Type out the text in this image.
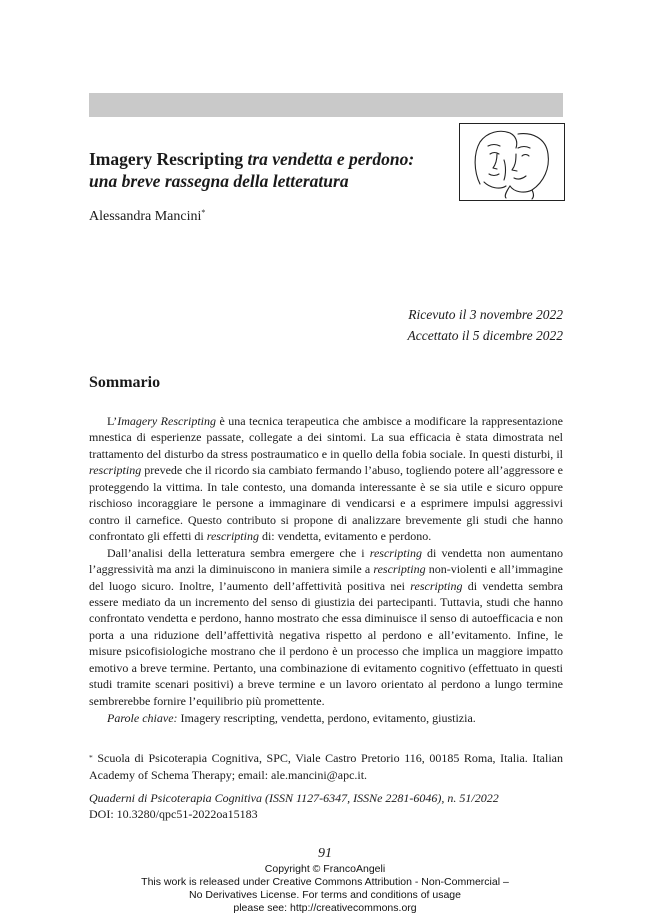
Imagery Rescripting tra vendetta e perdono:
una breve rassegna della letteratura
Alessandra Mancini*
Ricevuto il 3 novembre 2022
Accettato il 5 dicembre 2022
Sommario

L’Imagery Rescripting è una tecnica terapeutica che ambisce a modificare la rappresentazione mnestica di esperienze passate, collegate a dei sintomi. La sua efficacia è stata dimostrata nel trattamento del disturbo da stress postraumatico e in quello della fobia sociale. In questi disturbi, il rescripting prevede che il ricordo sia cambiato fermando l’abuso, togliendo potere all’aggressore e proteggendo la vittima. In tale contesto, una domanda interessante è se sia utile e sicuro oppure rischioso incoraggiare le persone a immaginare di vendicarsi e a esprimere impulsi aggressivi contro il carnefice. Questo contributo si propone di analizzare brevemente gli studi che hanno confrontato gli effetti di rescripting di: vendetta, evitamento e perdono.

Dall’analisi della letteratura sembra emergere che i rescripting di vendetta non aumentano l’aggressività ma anzi la diminuiscono in maniera simile a rescripting non-violenti e all’immagine del luogo sicuro. Inoltre, l’aumento dell’affettività positiva nei rescripting di vendetta sembra essere mediato da un incremento del senso di giustizia dei partecipanti. Tuttavia, studi che hanno confrontato vendetta e perdono, hanno mostrato che essa diminuisce il senso di autoefficacia e non porta a una riduzione dell’affettività negativa rispetto al perdono e all’evitamento. Infine, le misure psicofisiologiche mostrano che il perdono è un processo che implica un maggiore impatto emotivo a breve termine. Pertanto, una combinazione di evitamento cognitivo (effettuato in questi studi tramite scenari positivi) a breve termine e un lavoro orientato al perdono a lungo termine sembrerebbe fornire l’equilibrio più promettente.

Parole chiave: Imagery rescripting, vendetta, perdono, evitamento, giustizia.
* Scuola di Psicoterapia Cognitiva, SPC, Viale Castro Pretorio 116, 00185 Roma, Italia. Italian Academy of Schema Therapy; email: ale.mancini@apc.it.
Quaderni di Psicoterapia Cognitiva (ISSN 1127-6347, ISSNe 2281-6046), n. 51/2022
DOI: 10.3280/qpc51-2022oa15183
91
Copyright © FrancoAngeli
This work is released under Creative Commons Attribution - Non-Commercial –
No Derivatives License. For terms and conditions of usage
please see: http://creativecommons.org
